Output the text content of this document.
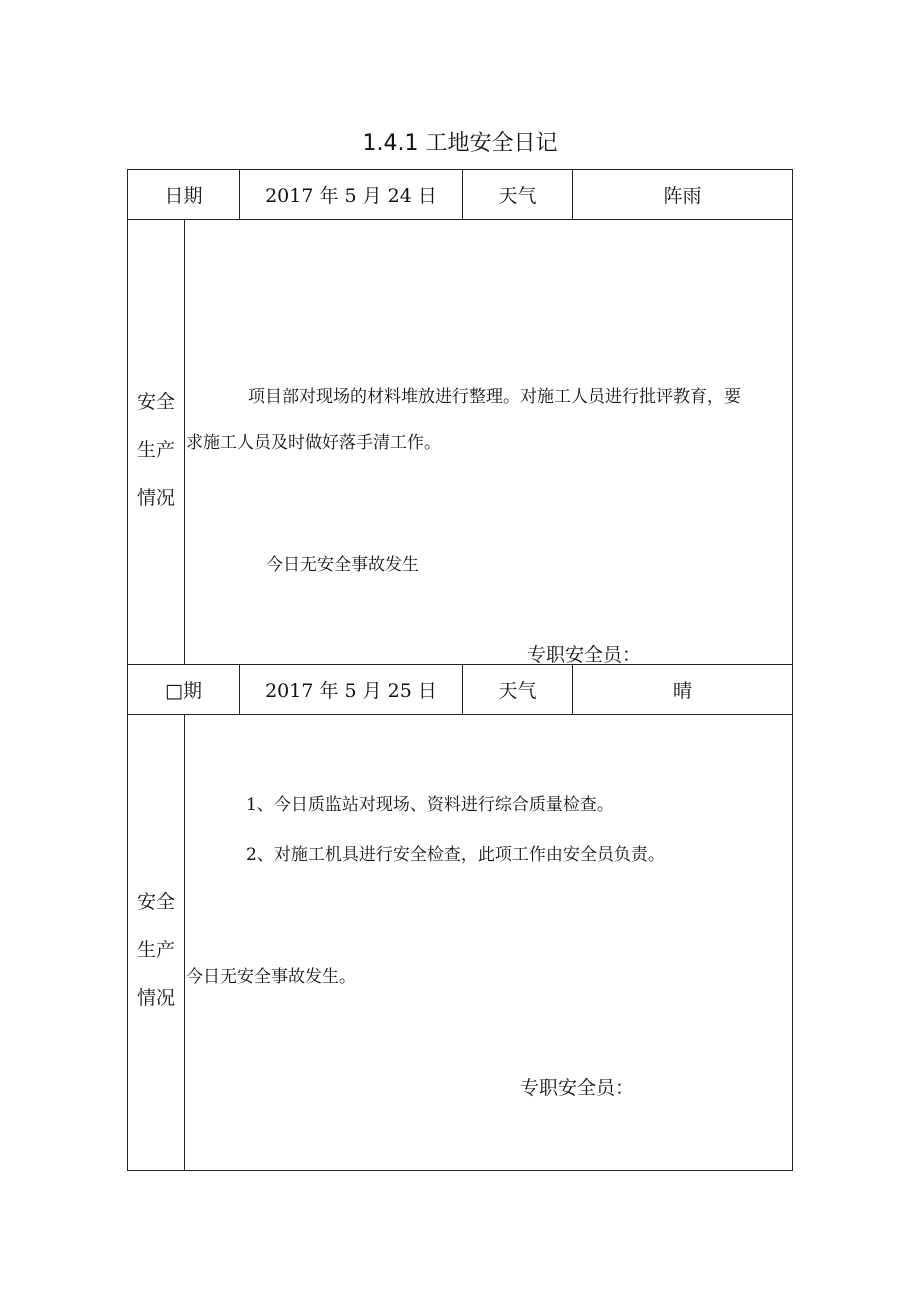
1.4.1 工地安全日记
日期	2017 年 5 月 24 日	天气	阵雨
安全
生产
情况
项目部对现场的材料堆放进行整理。对施工人员进行批评教育，要
求施工人员及时做好落手清工作。
今日无安全事故发生
专职安全员：
□期	2017 年 5 月 25 日	天气	晴
安全
生产
情况
1、今日质监站对现场、资料进行综合质量检查。
2、对施工机具进行安全检查，此项工作由安全员负责。
今日无安全事故发生。
专职安全员：
